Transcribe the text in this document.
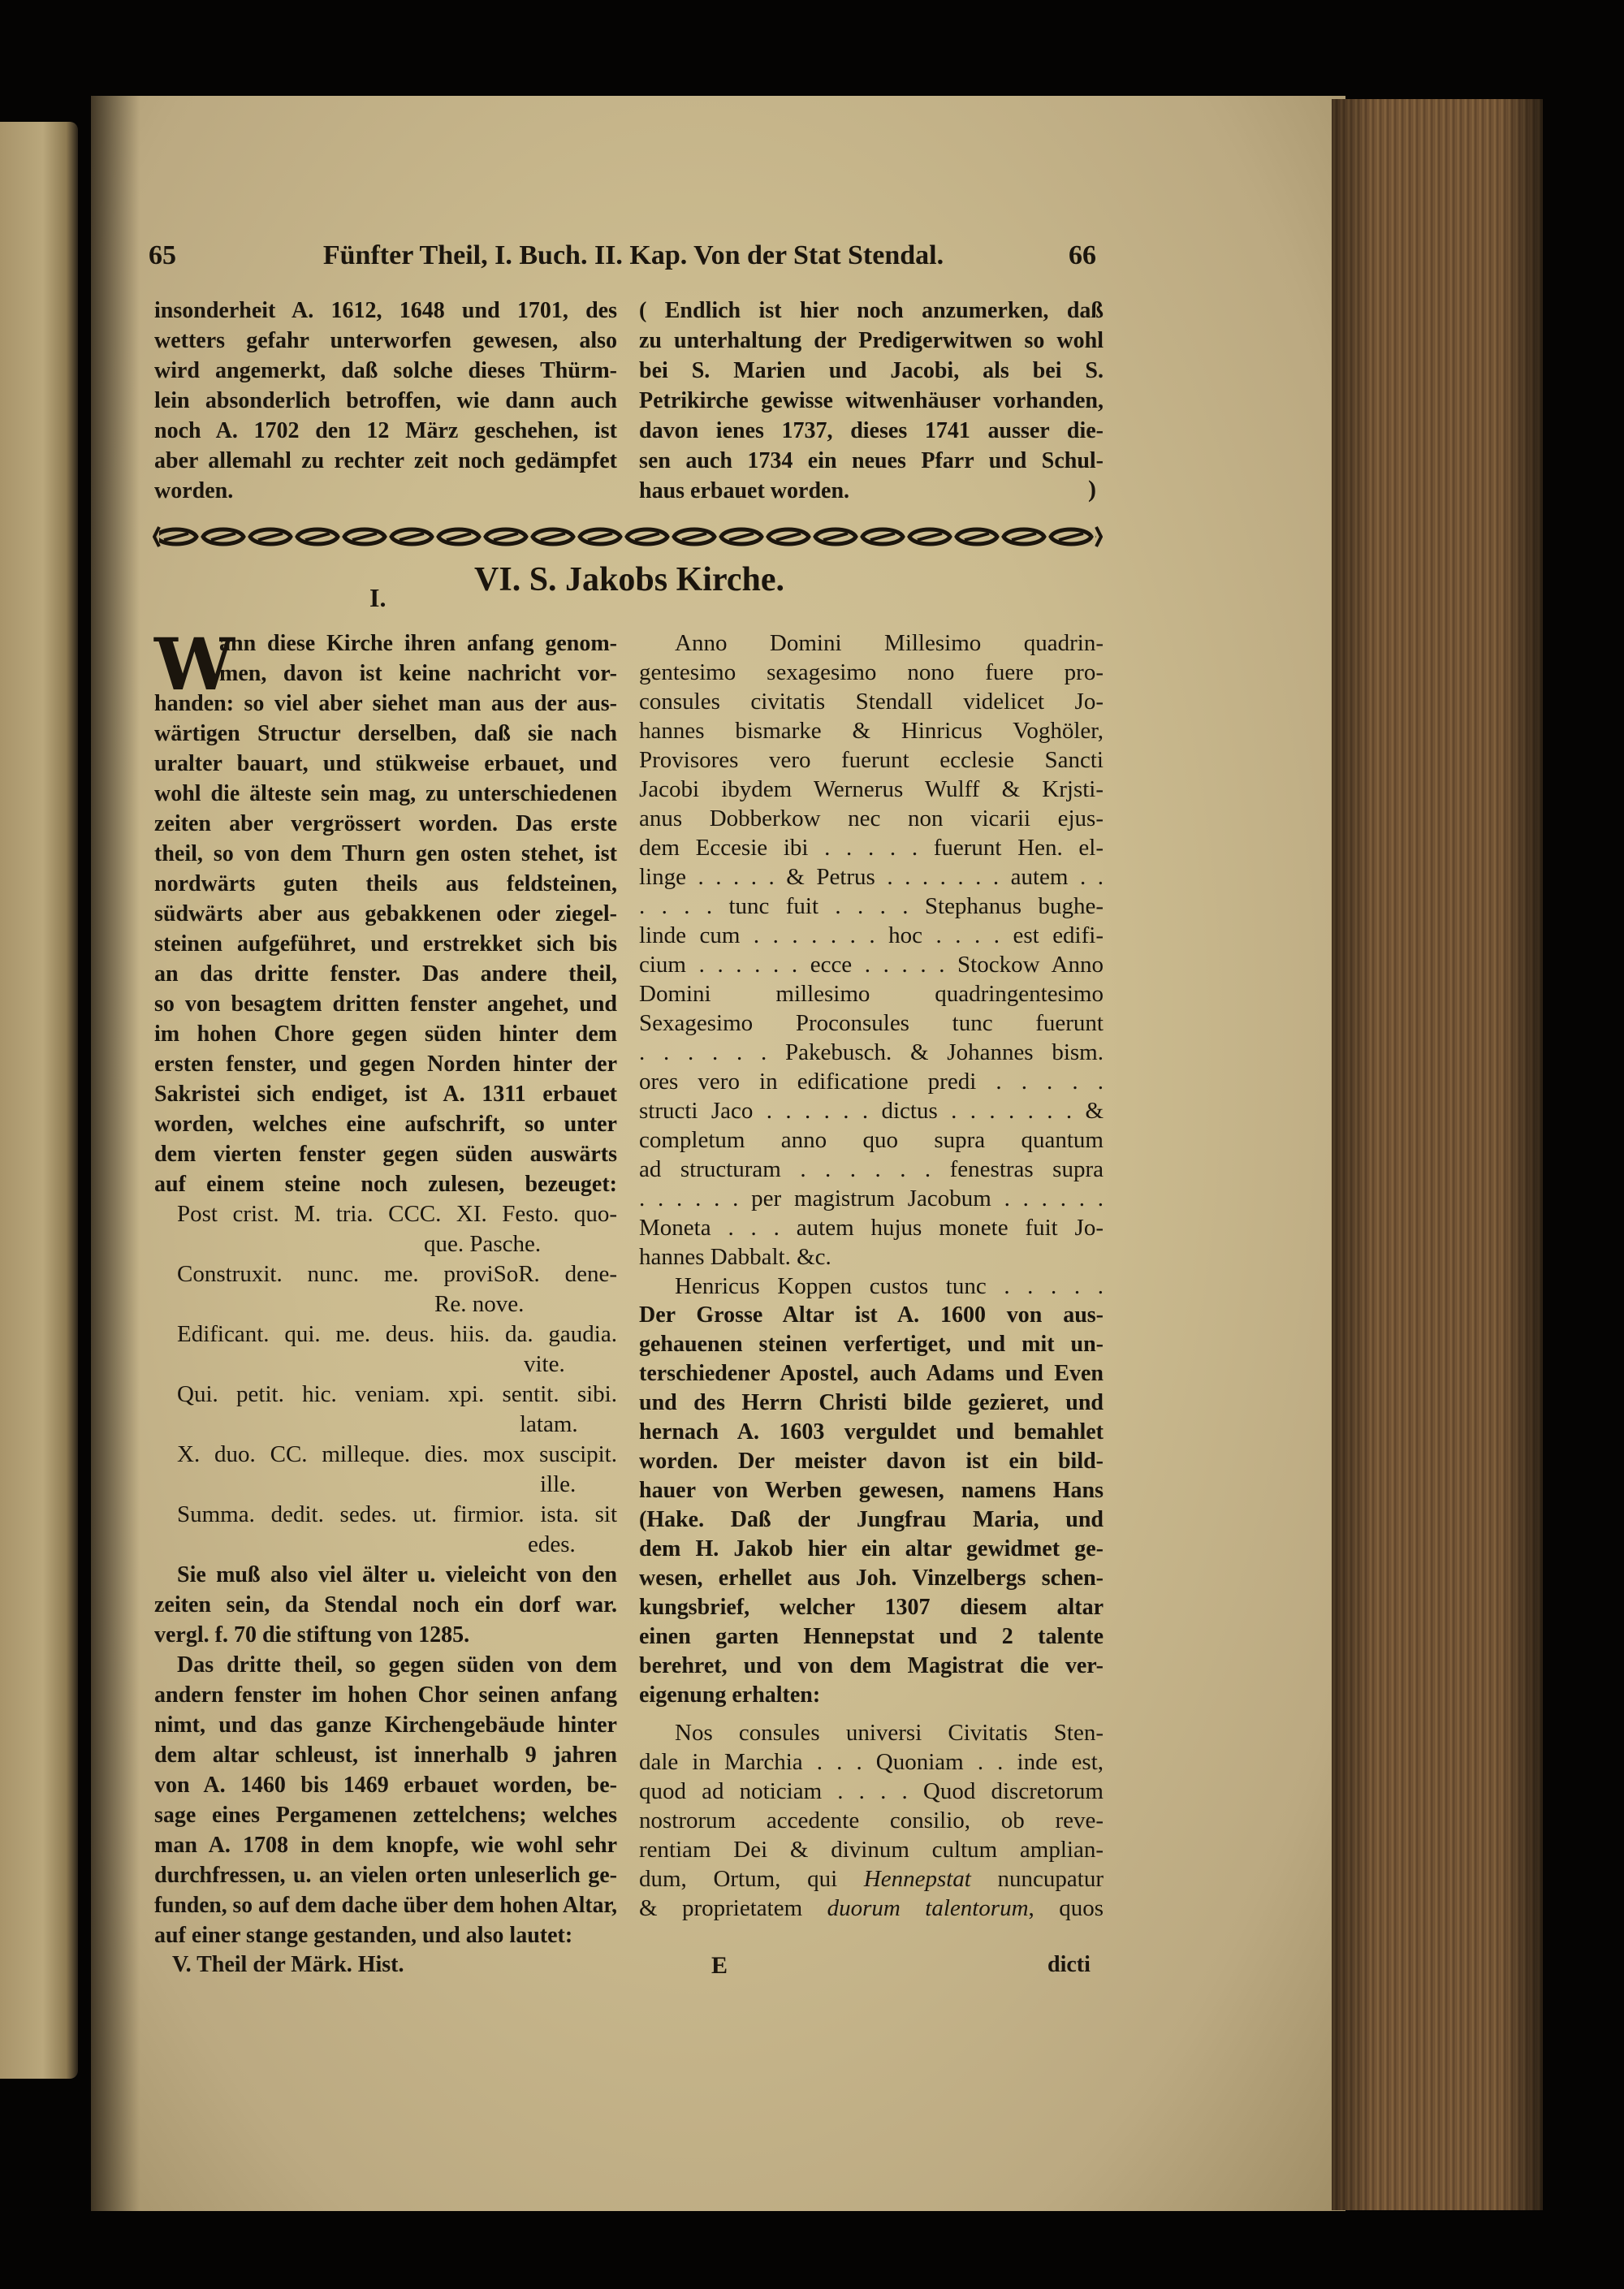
65	Fünfter Theil, I. Buch. II. Kap. Von der Stat Stendal.	66
insonderheit A. 1612, 1648 und 1701, des
wetters gefahr unterworfen gewesen, also
wird angemerkt, daß solche dieses Thürm-
lein absonderlich betroffen, wie dann auch
noch A. 1702 den 12 März geschehen, ist
aber allemahl zu rechter zeit noch gedämpfet
worden.
( Endlich ist hier noch anzumerken, daß
zu unterhaltung der Predigerwitwen so wohl
bei S. Marien und Jacobi, als bei S.
Petrikirche gewisse witwenhäuser vorhanden,
davon ienes 1737, dieses 1741 ausser die-
sen auch 1734 ein neues Pfarr und Schul-
haus erbauet worden.	)
VI. S. Jakobs Kirche.
I.
W
ann diese Kirche ihren anfang genom-
men, davon ist keine nachricht vor-
handen: so viel aber siehet man aus der aus-
wärtigen Structur derselben, daß sie nach
uralter bauart, und stükweise erbauet, und
wohl die älteste sein mag, zu unterschiedenen
zeiten aber vergrössert worden. Das erste
theil, so von dem Thurn gen osten stehet, ist
nordwärts guten theils aus feldsteinen,
südwärts aber aus gebakkenen oder ziegel-
steinen aufgeführet, und erstrekket sich bis
an das dritte fenster. Das andere theil,
so von besagtem dritten fenster angehet, und
im hohen Chore gegen süden hinter dem
ersten fenster, und gegen Norden hinter der
Sakristei sich endiget, ist A. 1311 erbauet
worden, welches eine aufschrift, so unter
dem vierten fenster gegen süden auswärts
auf einem steine noch zulesen, bezeuget:
Post crist. M. tria. CCC. XI. Festo. quo-
que. Pasche.
Construxit. nunc. me. proviSoR. dene-
Re. nove.
Edificant. qui. me. deus. hiis. da. gaudia.
vite.
Qui. petit. hic. veniam. xpi. sentit. sibi.
latam.
X. duo. CC. milleque. dies. mox suscipit.
ille.
Summa. dedit. sedes. ut. firmior. ista. sit
edes.
Sie muß also viel älter u. vieleicht von den
zeiten sein, da Stendal noch ein dorf war.
vergl. f. 70 die stiftung von 1285.
Das dritte theil, so gegen süden von dem
andern fenster im hohen Chor seinen anfang
nimt, und das ganze Kirchengebäude hinter
dem altar schleust, ist innerhalb 9 jahren
von A. 1460 bis 1469 erbauet worden, be-
sage eines Pergamenen zettelchens; welches
man A. 1708 in dem knopfe, wie wohl sehr
durchfressen, u. an vielen orten unleserlich ge-
funden, so auf dem dache über dem hohen Altar,
auf einer stange gestanden, und also lautet:
Anno Domini Millesimo quadrin-
gentesimo sexagesimo nono fuere pro-
consules civitatis Stendall videlicet Jo-
hannes bismarke & Hinricus Voghöler,
Provisores vero fuerunt ecclesie Sancti
Jacobi ibydem Wernerus Wulff & Krjsti-
anus Dobberkow nec non vicarii ejus-
dem Eccesie ibi . . . . . fuerunt Hen. el-
linge . . . . . & Petrus . . . . . . . autem . .
. . . . tunc fuit . . . . Stephanus bughe-
linde cum . . . . . . . hoc . . . . est edifi-
cium . . . . . . ecce . . . . . Stockow Anno
Domini millesimo quadringentesimo
Sexagesimo Proconsules tunc fuerunt
. . . . . . Pakebusch. & Johannes bism.
ores vero in edificatione predi . . . . .
structi Jaco . . . . . . dictus . . . . . . . &
completum anno quo supra quantum
ad structuram . . . . . . fenestras supra
. . . . . . per magistrum Jacobum . . . . . .
Moneta . . . autem hujus monete fuit Jo-
hannes Dabbalt. &c.
Henricus Koppen custos tunc . . . . .
Der Grosse Altar ist A. 1600 von aus-
gehauenen steinen verfertiget, und mit un-
terschiedener Apostel, auch Adams und Even
und des Herrn Christi bilde gezieret, und
hernach A. 1603 verguldet und bemahlet
worden. Der meister davon ist ein bild-
hauer von Werben gewesen, namens Hans
(Hake. Daß der Jungfrau Maria, und
dem H. Jakob hier ein altar gewidmet ge-
wesen, erhellet aus Joh. Vinzelbergs schen-
kungsbrief, welcher 1307 diesem altar
einen garten Hennepstat und 2 talente
berehret, und von dem Magistrat die ver-
eigenung erhalten:
Nos consules universi Civitatis Sten-
dale in Marchia . . . Quoniam . . inde est,
quod ad noticiam . . . . Quod discretorum
nostrorum accedente consilio, ob reve-
rentiam Dei & divinum cultum amplian-
dum, Ortum, qui Hennepstat nuncupatur
& proprietatem duorum talentorum, quos
V. Theil der Märk. Hist.	E	dicti
